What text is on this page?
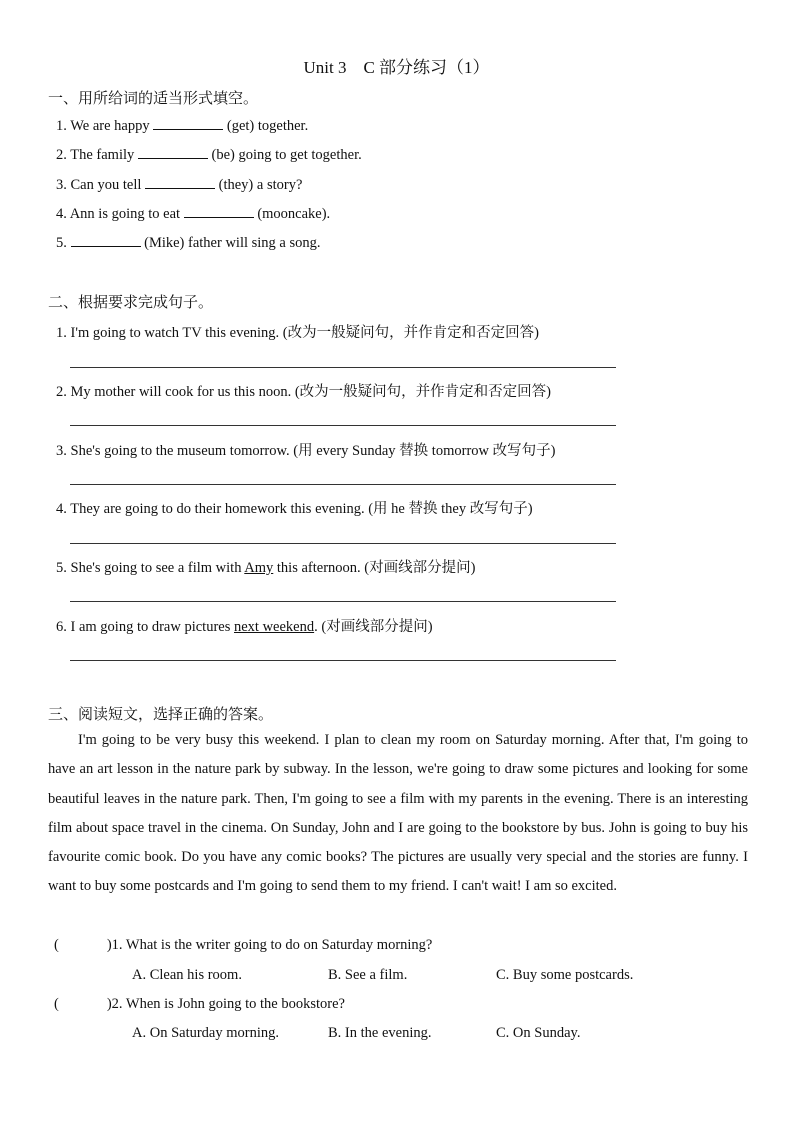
Unit 3　C 部分练习（1）
一、用所给词的适当形式填空。
1. We are happy	(get) together.
2. The family	(be) going to get together.
3. Can you tell	(they) a story?
4. Ann is going to eat	(mooncake).
5.	(Mike) father will sing a song.
二、根据要求完成句子。
1. I'm going to watch TV this evening. (改为一般疑问句，并作肯定和否定回答)
2. My mother will cook for us this noon. (改为一般疑问句，并作肯定和否定回答)
3. She's going to the museum tomorrow. (用 every Sunday 替换 tomorrow 改写句子)
4. They are going to do their homework this evening. (用 he 替换 they 改写句子)
5. She's going to see a film with Amy this afternoon. (对画线部分提问)
6. I am going to draw pictures next weekend. (对画线部分提问)
三、阅读短文，选择正确的答案。
I'm going to be very busy this weekend. I plan to clean my room on Saturday morning. After that, I'm going to have an art lesson in the nature park by subway. In the lesson, we're going to draw some pictures and looking for some beautiful leaves in the nature park. Then, I'm going to see a film with my parents in the evening. There is an interesting film about space travel in the cinema. On Sunday, John and I are going to the bookstore by bus. John is going to buy his favourite comic book. Do you have any comic books? The pictures are usually very special and the stories are funny. I want to buy some postcards and I'm going to send them to my friend. I can't wait! I am so excited.
(	)1. What is the writer going to do on Saturday morning?
A. Clean his room.	B. See a film.	C. Buy some postcards.
(	)2. When is John going to the bookstore?
A. On Saturday morning.	B. In the evening.	C. On Sunday.
